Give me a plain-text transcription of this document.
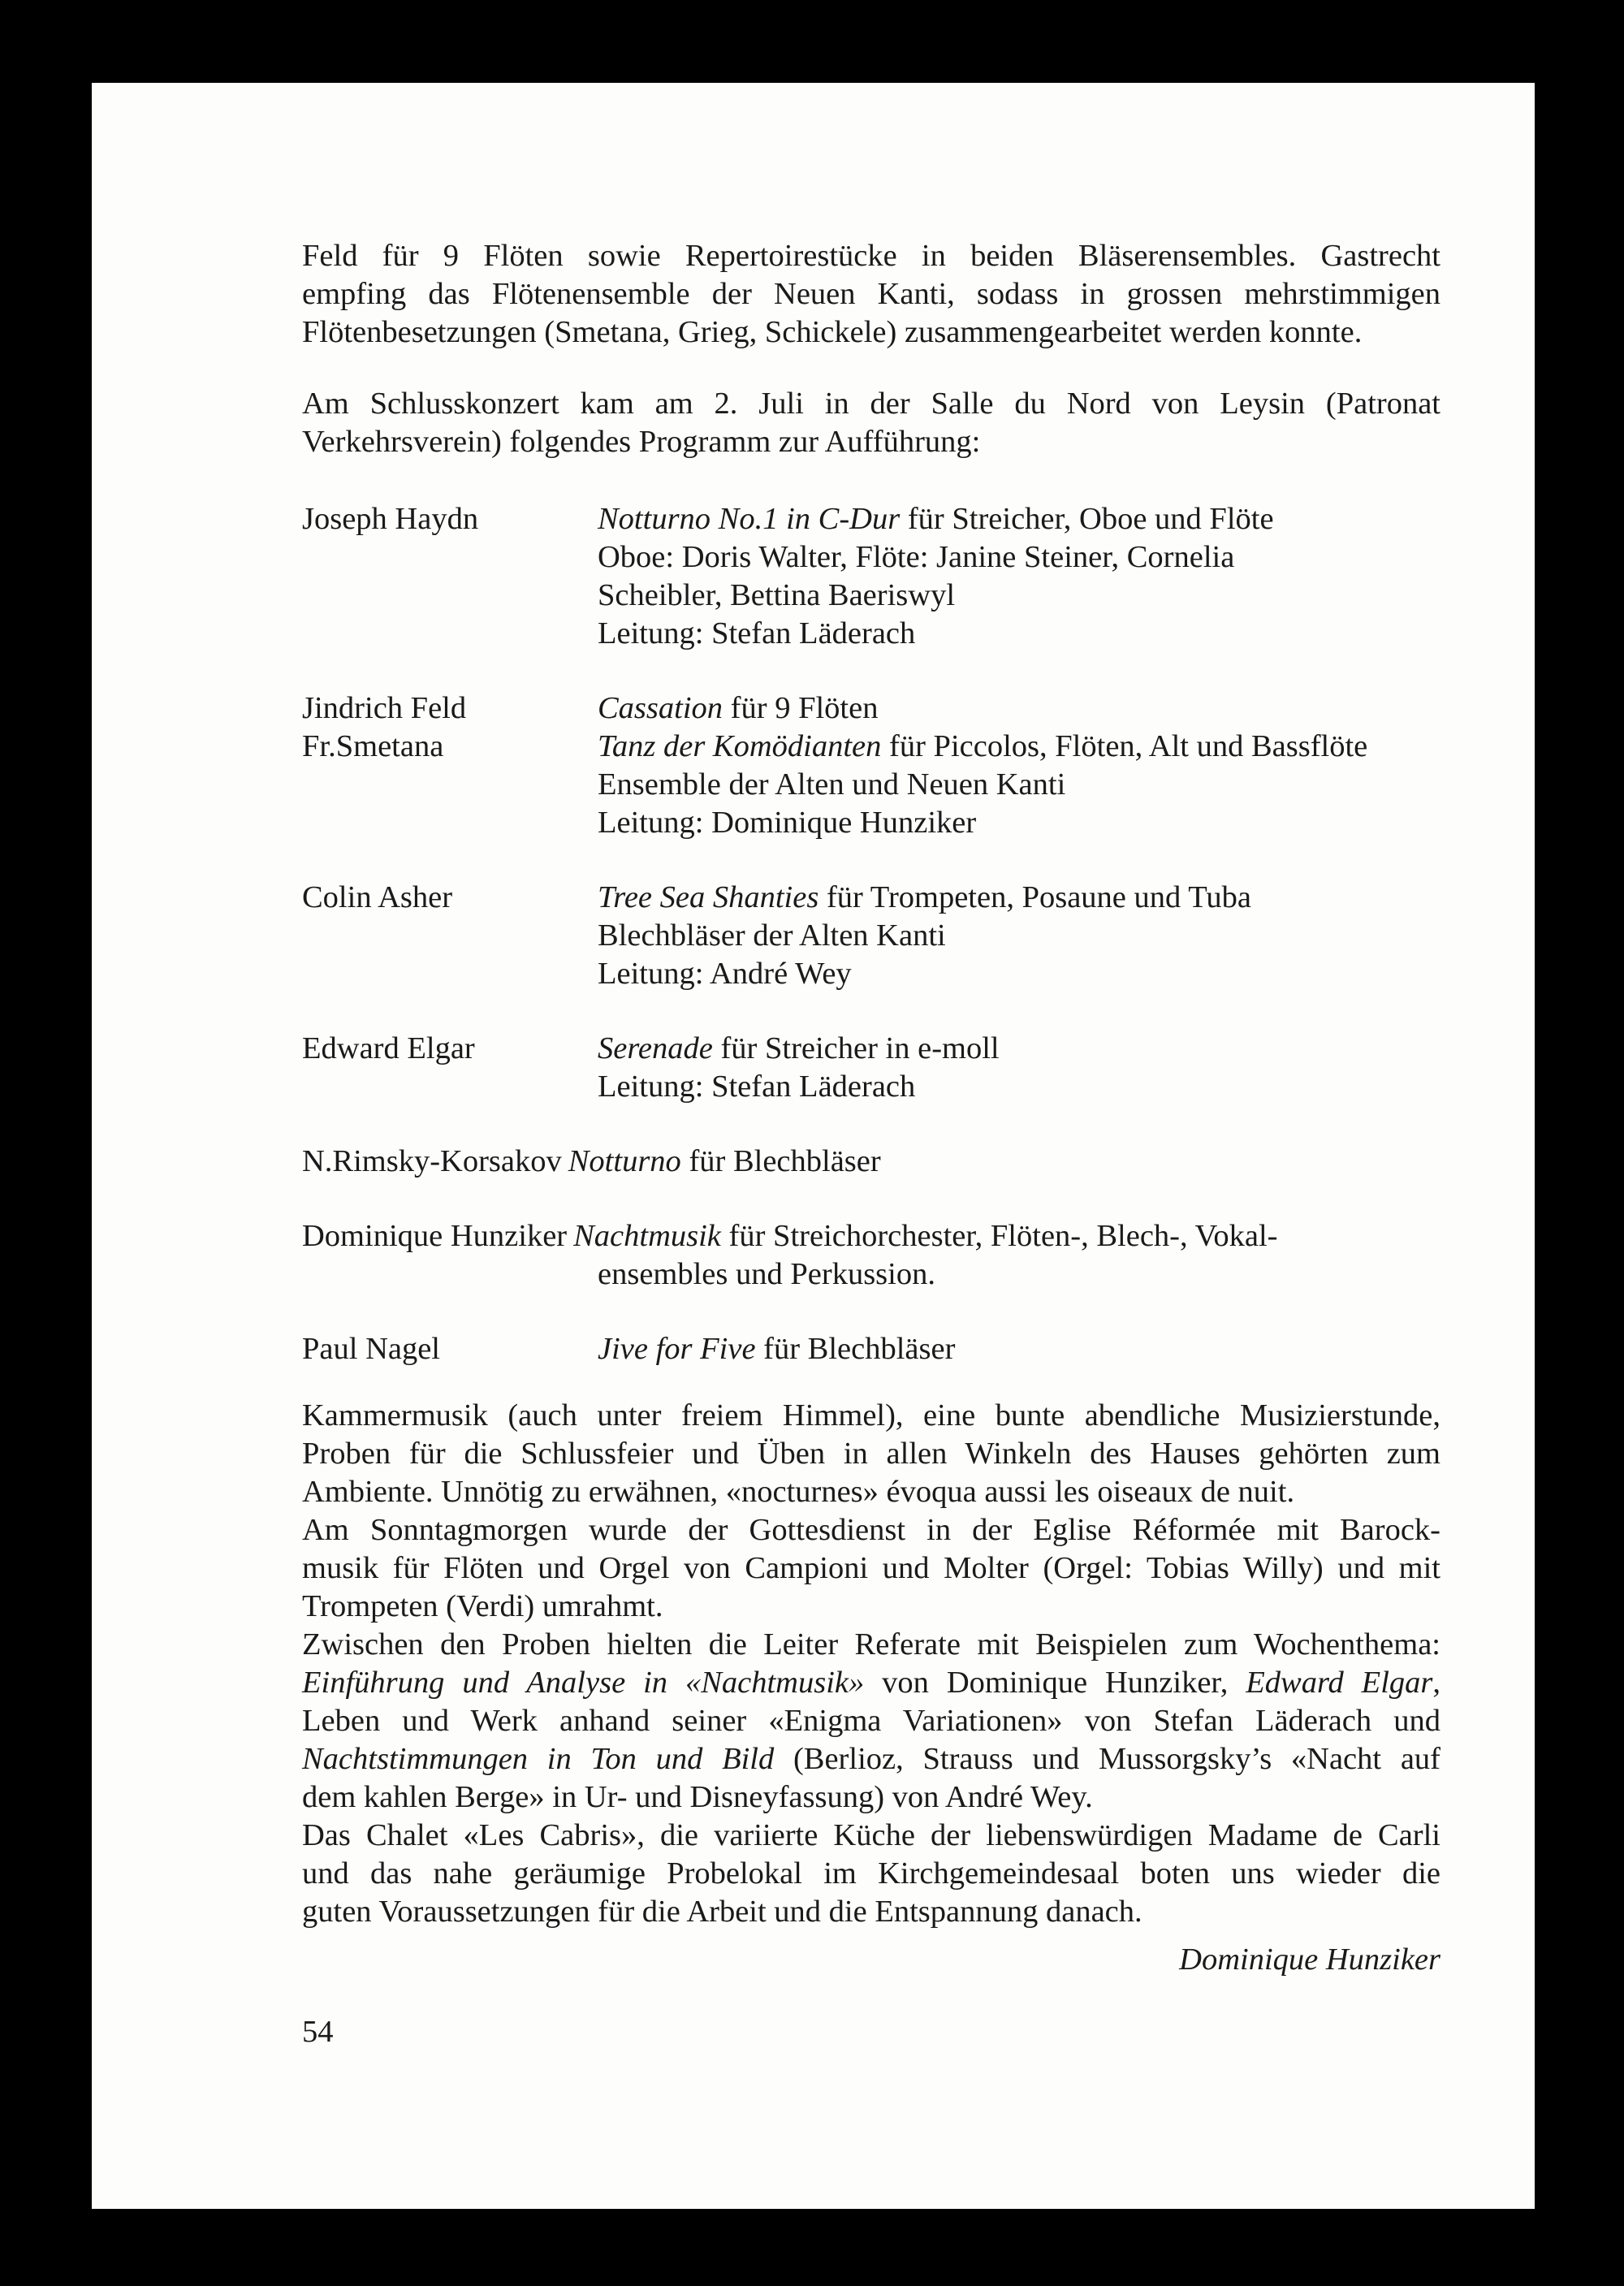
Feld für 9 Flöten sowie Repertoirestücke in beiden Bläserensembles. Gastrecht
empfing das Flötenensemble der Neuen Kanti, sodass in grossen mehrstimmigen
Flötenbesetzungen (Smetana, Grieg, Schickele) zusammengearbeitet werden konnte.
Am Schlusskonzert kam am 2. Juli in der Salle du Nord von Leysin (Patronat
Verkehrsverein) folgendes Programm zur Aufführung:
Joseph Haydn	Notturno No.1 in C-Dur für Streicher, Oboe und Flöte
Oboe: Doris Walter, Flöte: Janine Steiner, Cornelia
Scheibler, Bettina Baeriswyl
Leitung: Stefan Läderach
Jindrich Feld	Cassation für 9 Flöten
Fr.Smetana	Tanz der Komödianten für Piccolos, Flöten, Alt und Bassflöte
Ensemble der Alten und Neuen Kanti
Leitung: Dominique Hunziker
Colin Asher	Tree Sea Shanties für Trompeten, Posaune und Tuba
Blechbläser der Alten Kanti
Leitung: André Wey
Edward Elgar	Serenade für Streicher in e-moll
Leitung: Stefan Läderach
N.Rimsky-Korsakov Notturno für Blechbläser
Dominique Hunziker Nachtmusik für Streichorchester, Flöten-, Blech-, Vokal-
ensembles und Perkussion.
Paul Nagel	Jive for Five für Blechbläser
Kammermusik (auch unter freiem Himmel), eine bunte abendliche Musizierstunde,
Proben für die Schlussfeier und Üben in allen Winkeln des Hauses gehörten zum
Ambiente. Unnötig zu erwähnen, «nocturnes» évoqua aussi les oiseaux de nuit.
Am Sonntagmorgen wurde der Gottesdienst in der Eglise Réformée mit Barock-
musik für Flöten und Orgel von Campioni und Molter (Orgel: Tobias Willy) und mit
Trompeten (Verdi) umrahmt.
Zwischen den Proben hielten die Leiter Referate mit Beispielen zum Wochenthema:
Einführung und Analyse in «Nachtmusik» von Dominique Hunziker, Edward Elgar,
Leben und Werk anhand seiner «Enigma Variationen» von Stefan Läderach und
Nachtstimmungen in Ton und Bild (Berlioz, Strauss und Mussorgsky’s «Nacht auf
dem kahlen Berge» in Ur- und Disneyfassung) von André Wey.
Das Chalet «Les Cabris», die variierte Küche der liebenswürdigen Madame de Carli
und das nahe geräumige Probelokal im Kirchgemeindesaal boten uns wieder die
guten Voraussetzungen für die Arbeit und die Entspannung danach.
Dominique Hunziker
54
